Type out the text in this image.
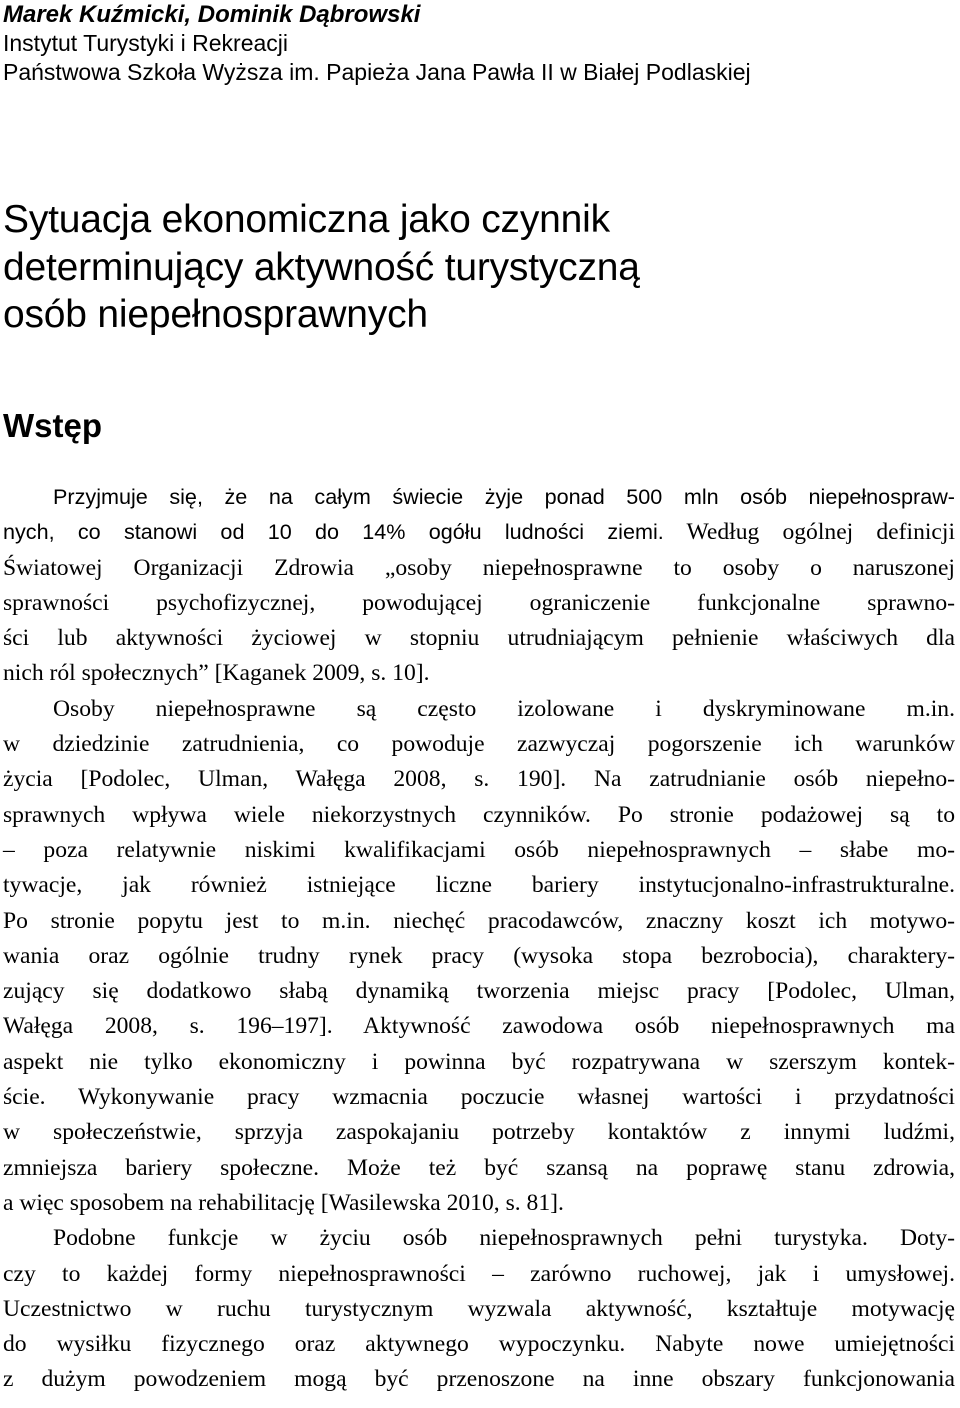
Marek Kuźmicki, Dominik Dąbrowski

Instytut Turystyki i Rekreacji

Państwowa Szkoła Wyższa im. Papieża Jana Pawła II w Białej Podlaskiej

Sytuacja ekonomiczna jako czynnik
determinujący aktywność turystyczną
osób niepełnosprawnych
Wstęp

Przyjmuje się, że na całym świecie żyje ponad 500 mln osób niepełnospraw-

nych, co stanowi od 10 do 14% ogółu ludności ziemi. Według ogólnej definicji

Światowej Organizacji Zdrowia „osoby niepełnosprawne to osoby o naruszonej

sprawności psychofizycznej, powodującej ograniczenie funkcjonalne sprawno-

ści lub aktywności życiowej w stopniu utrudniającym pełnienie właściwych dla

nich ról społecznych” [Kaganek 2009, s. 10].

Osoby niepełnosprawne są często izolowane i dyskryminowane m.in.

w dziedzinie zatrudnienia, co powoduje zazwyczaj pogorszenie ich warunków

życia [Podolec, Ulman, Wałęga 2008, s. 190]. Na zatrudnianie osób niepełno-

sprawnych wpływa wiele niekorzystnych czynników. Po stronie podażowej są to

– poza relatywnie niskimi kwalifikacjami osób niepełnosprawnych – słabe mo-

tywacje, jak również istniejące liczne bariery instytucjonalno-infrastrukturalne.

Po stronie popytu jest to m.in. niechęć pracodawców, znaczny koszt ich motywo-

wania oraz ogólnie trudny rynek pracy (wysoka stopa bezrobocia), charaktery-

zujący się dodatkowo słabą dynamiką tworzenia miejsc pracy [Podolec, Ulman,

Wałęga 2008, s. 196–197]. Aktywność zawodowa osób niepełnosprawnych ma

aspekt nie tylko ekonomiczny i powinna być rozpatrywana w szerszym kontek-

ście. Wykonywanie pracy wzmacnia poczucie własnej wartości i przydatności

w społeczeństwie, sprzyja zaspokajaniu potrzeby kontaktów z innymi ludźmi,

zmniejsza bariery społeczne. Może też być szansą na poprawę stanu zdrowia,

a więc sposobem na rehabilitację [Wasilewska 2010, s. 81].

Podobne funkcje w życiu osób niepełnosprawnych pełni turystyka. Doty-

czy to każdej formy niepełnosprawności – zarówno ruchowej, jak i umysłowej.

Uczestnictwo w ruchu turystycznym wyzwala aktywność, kształtuje motywację

do wysiłku fizycznego oraz aktywnego wypoczynku. Nabyte nowe umiejętności

z dużym powodzeniem mogą być przenoszone na inne obszary funkcjonowania
